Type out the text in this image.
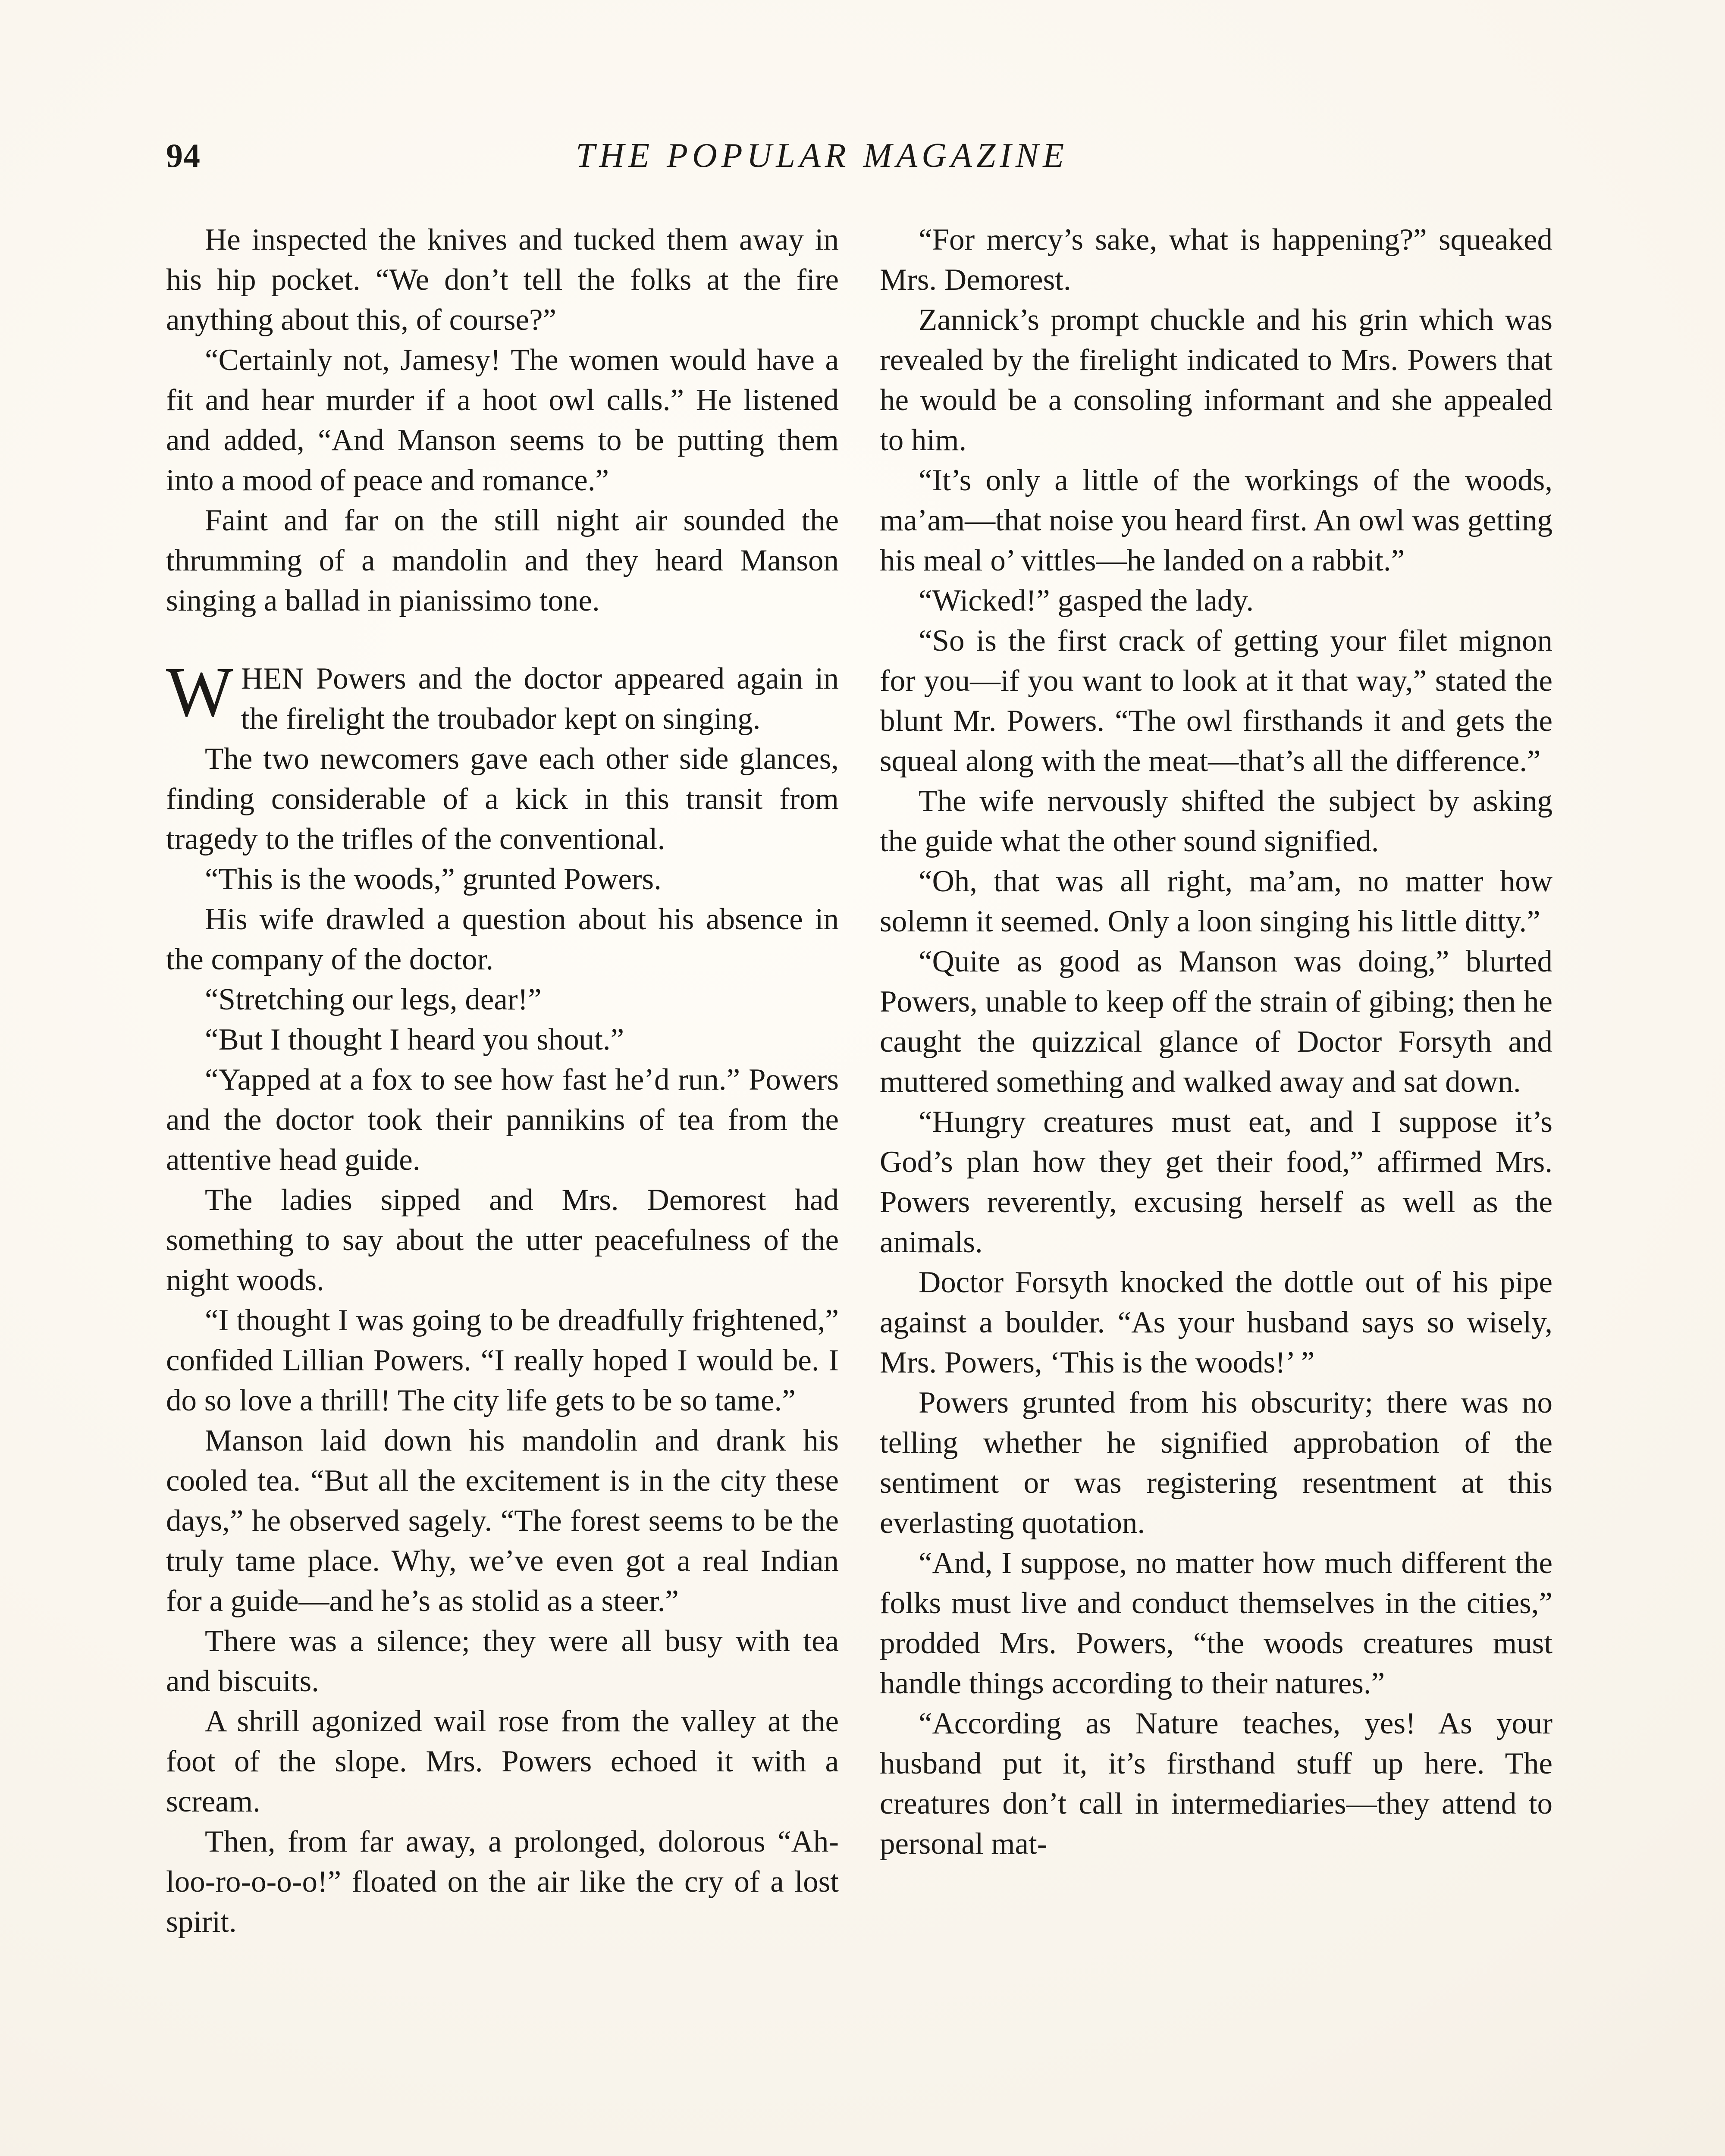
94	THE POPULAR MAGAZINE

He inspected the knives and tucked them away in his hip pocket. “We don’t tell the folks at the fire anything about this, of course?”

“Certainly not, Jamesy! The women would have a fit and hear murder if a hoot owl calls.” He listened and added, “And Manson seems to be putting them into a mood of peace and romance.”

Faint and far on the still night air sounded the thrumming of a mandolin and they heard Manson singing a ballad in pianissimo tone.

WHEN Powers and the doctor appeared again in the firelight the troubador kept on singing.

The two newcomers gave each other side glances, finding considerable of a kick in this transit from tragedy to the trifles of the conventional.

“This is the woods,” grunted Powers.

His wife drawled a question about his absence in the company of the doctor.

“Stretching our legs, dear!”

“But I thought I heard you shout.”

“Yapped at a fox to see how fast he’d run.” Powers and the doctor took their pannikins of tea from the attentive head guide.

The ladies sipped and Mrs. Demorest had something to say about the utter peacefulness of the night woods.

“I thought I was going to be dreadfully frightened,” confided Lillian Powers. “I really hoped I would be. I do so love a thrill! The city life gets to be so tame.”

Manson laid down his mandolin and drank his cooled tea. “But all the excitement is in the city these days,” he observed sagely. “The forest seems to be the truly tame place. Why, we’ve even got a real Indian for a guide—and he’s as stolid as a steer.”

There was a silence; they were all busy with tea and biscuits.

A shrill agonized wail rose from the valley at the foot of the slope. Mrs. Powers echoed it with a scream.

Then, from far away, a prolonged, dolorous “Ah-loo-ro-o-o-o!” floated on the air like the cry of a lost spirit.

“For mercy’s sake, what is happening?” squeaked Mrs. Demorest.

Zannick’s prompt chuckle and his grin which was revealed by the firelight indicated to Mrs. Powers that he would be a consoling informant and she appealed to him.

“It’s only a little of the workings of the woods, ma’am—that noise you heard first. An owl was getting his meal o’ vittles—he landed on a rabbit.”

“Wicked!” gasped the lady.

“So is the first crack of getting your filet mignon for you—if you want to look at it that way,” stated the blunt Mr. Powers. “The owl firsthands it and gets the squeal along with the meat—that’s all the difference.”

The wife nervously shifted the subject by asking the guide what the other sound signified.

“Oh, that was all right, ma’am, no matter how solemn it seemed. Only a loon singing his little ditty.”

“Quite as good as Manson was doing,” blurted Powers, unable to keep off the strain of gibing; then he caught the quizzical glance of Doctor Forsyth and muttered something and walked away and sat down.

“Hungry creatures must eat, and I suppose it’s God’s plan how they get their food,” affirmed Mrs. Powers reverently, excusing herself as well as the animals.

Doctor Forsyth knocked the dottle out of his pipe against a boulder. “As your husband says so wisely, Mrs. Powers, ‘This is the woods!’ ”

Powers grunted from his obscurity; there was no telling whether he signified approbation of the sentiment or was registering resentment at this everlasting quotation.

“And, I suppose, no matter how much different the folks must live and conduct themselves in the cities,” prodded Mrs. Powers, “the woods creatures must handle things according to their natures.”

“According as Nature teaches, yes! As your husband put it, it’s firsthand stuff up here. The creatures don’t call in intermediaries—they attend to personal mat-
